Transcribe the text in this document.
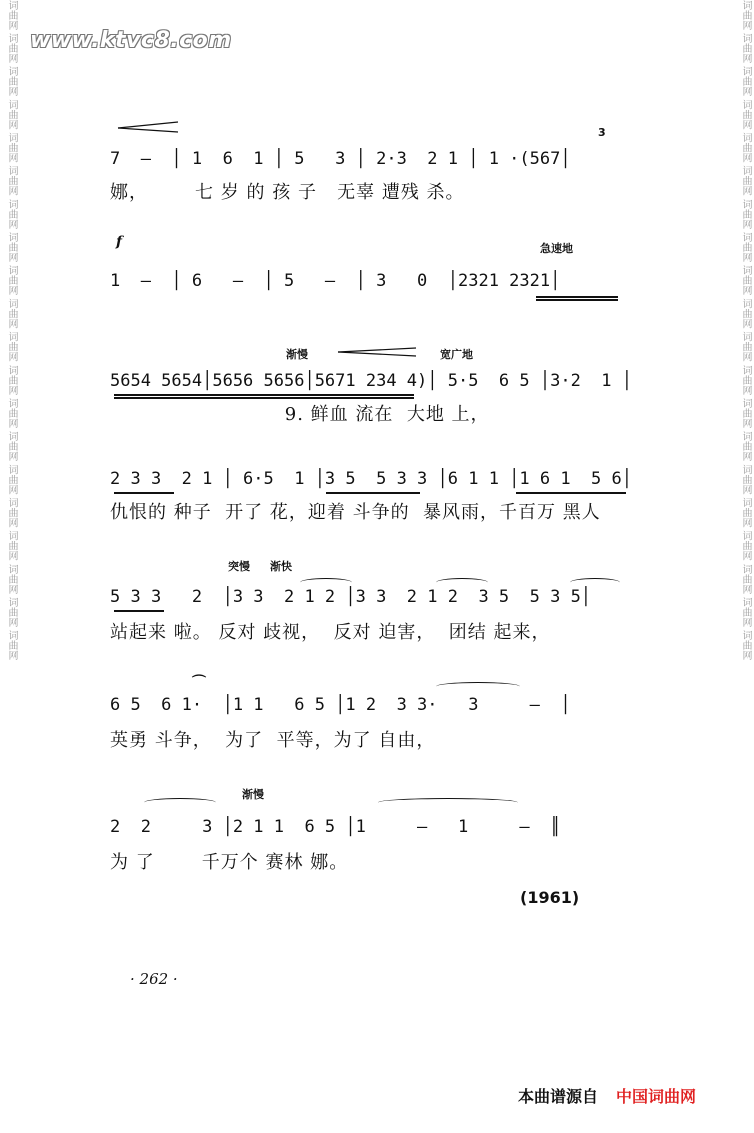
www.ktvc8.com
词曲网 词曲网 词曲网 词曲网 词曲网 词曲网 词曲网 词曲网 词曲网 词曲网 词曲网 词曲网 词曲网 词曲网 词曲网 词曲网 词曲网 词曲网 词曲网 词曲网	词曲网 词曲网 词曲网 词曲网 词曲网 词曲网 词曲网 词曲网 词曲网 词曲网 词曲网 词曲网 词曲网 词曲网 词曲网 词曲网 词曲网 词曲网 词曲网 词曲网
3
7  —  │ 1  6  1 │ 5   3 │ 2·3  2 1 │ 1 ·(567│
娜，       七 岁 的 孩 子   无辜 遭残 杀。
f	急速地
1  —  │ 6   —  │ 5   —  │ 3   0  │2321 2321│
渐慢	宽广地
5654 5654│5656 5656│5671 234 4)│ 5·5  6 5 │3·2  1 │
9. 鲜血 流在  大地 上，
2 3 3  2 1 │ 6·5  1 │3 5  5 3 3 │6 1 1 │1 6 1  5 6│
仇恨的 种子  开了 花，迎着 斗争的  暴风雨，千百万 黑人
突慢 渐快
5 3 3   2  │3 3  2 1 2 │3 3  2 1 2  3 5  5 3 5│
站起来 啦。 反对 歧视，  反对 迫害，  团结 起来，
⌒
6 5  6 1·  │1 1   6 5 │1 2  3 3·   3     —  │
英勇 斗争，  为了  平等，为了 自由，
渐慢
2  2     3 │2 1 1  6 5 │1     —   1     —  ║
为 了       千万个 赛林 娜。
(1961)
· 262 ·
本曲谱源自 中国词曲网
